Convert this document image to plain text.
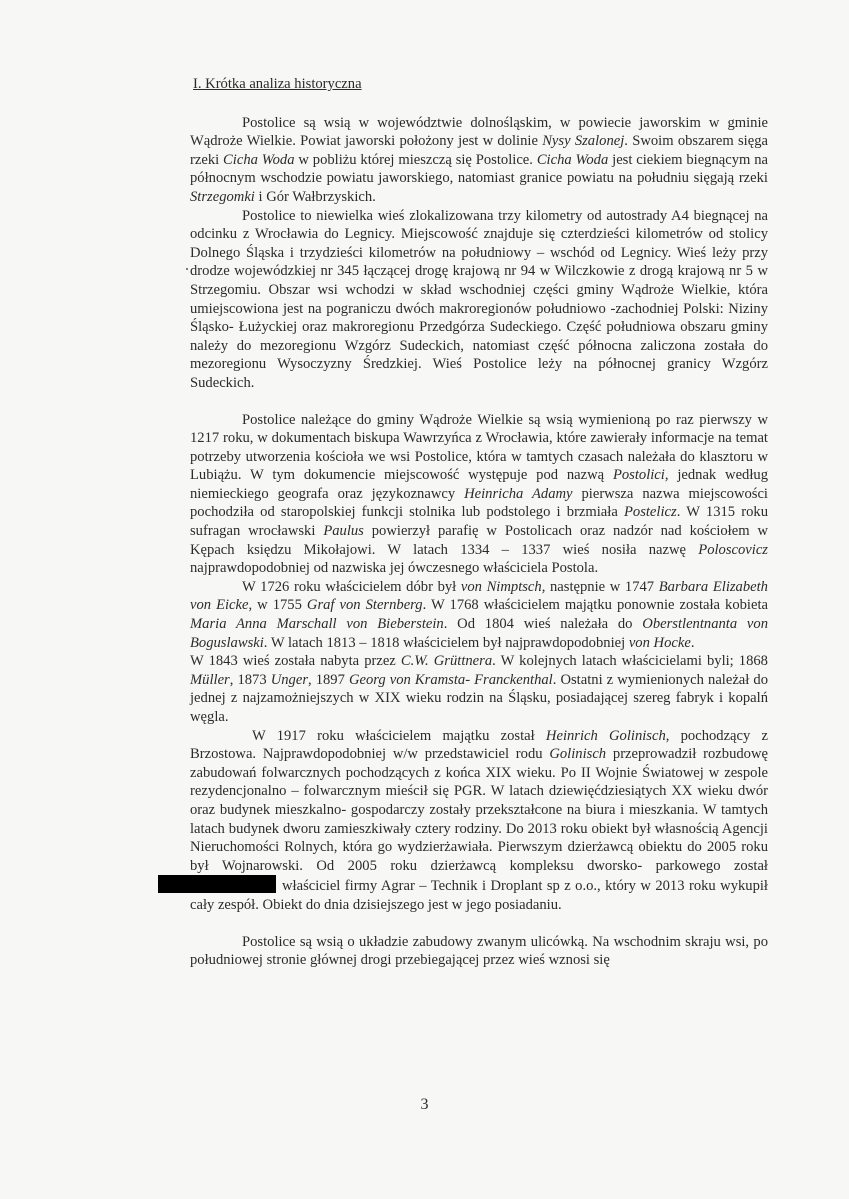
I. Krótka analiza historyczna

Postolice są wsią w województwie dolnośląskim, w powiecie jaworskim w gminie Wądroże Wielkie. Powiat jaworski położony jest w dolinie Nysy Szalonej. Swoim obszarem sięga rzeki Cicha Woda w pobliżu której mieszczą się Postolice. Cicha Woda jest ciekiem biegnącym na północnym wschodzie powiatu jaworskiego, natomiast granice powiatu na południu sięgają rzeki Strzegomki i Gór Wałbrzyskich.

Postolice to niewielka wieś zlokalizowana trzy kilometry od autostrady A4 biegnącej na odcinku z Wrocławia do Legnicy. Miejscowość znajduje się czterdzieści kilometrów od stolicy Dolnego Śląska i trzydzieści kilometrów na południowy – wschód od Legnicy. Wieś leży przy drodze wojewódzkiej nr 345 łączącej drogę krajową nr 94 w Wilczkowie z drogą krajową nr 5 w Strzegomiu. Obszar wsi wchodzi w skład wschodniej części gminy Wądroże Wielkie, która umiejscowiona jest na pograniczu dwóch makroregionów południowo -zachodniej Polski: Niziny Śląsko- Łużyckiej oraz makroregionu Przedgórza Sudeckiego. Część południowa obszaru gminy należy do mezoregionu Wzgórz Sudeckich, natomiast część północna zaliczona została do mezoregionu Wysoczyzny Średzkiej. Wieś Postolice leży na północnej granicy Wzgórz Sudeckich.

Postolice należące do gminy Wądroże Wielkie są wsią wymienioną po raz pierwszy w 1217 roku, w dokumentach biskupa Wawrzyńca z Wrocławia, które zawierały informacje na temat potrzeby utworzenia kościoła we wsi Postolice, która w tamtych czasach należała do klasztoru w Lubiążu. W tym dokumencie miejscowość występuje pod nazwą Postolici, jednak według niemieckiego geografa oraz językoznawcy Heinricha Adamy pierwsza nazwa miejscowości pochodziła od staropolskiej funkcji stolnika lub podstolego i brzmiała Postelicz. W 1315 roku sufragan wrocławski Paulus powierzył parafię w Postolicach oraz nadzór nad kościołem w Kępach księdzu Mikołajowi. W latach 1334 – 1337 wieś nosiła nazwę Poloscovicz najprawdopodobniej od nazwiska jej ówczesnego właściciela Postola.

W 1726 roku właścicielem dóbr był von Nimptsch, następnie w 1747 Barbara Elizabeth von Eicke, w 1755 Graf von Sternberg. W 1768 właścicielem majątku ponownie została kobieta Maria Anna Marschall von Bieberstein. Od 1804 wieś należała do Oberstlentnanta von Boguslawski. W latach 1813 – 1818 właścicielem był najprawdopodobniej von Hocke.

W 1843 wieś została nabyta przez C.W. Grüttnera. W kolejnych latach właścicielami byli; 1868 Müller, 1873 Unger, 1897 Georg von Kramsta- Franckenthal. Ostatni z wymienionych należał do jednej z najzamożniejszych w XIX wieku rodzin na Śląsku, posiadającej szereg fabryk i kopalń węgla.

W 1917 roku właścicielem majątku został Heinrich Golinisch, pochodzący z Brzostowa. Najprawdopodobniej w/w przedstawiciel rodu Golinisch przeprowadził rozbudowę zabudowań folwarcznych pochodzących z końca XIX wieku. Po II Wojnie Światowej w zespole rezydencjonalno – folwarcznym mieścił się PGR. W latach dziewięćdziesiątych XX wieku dwór oraz budynek mieszkalno- gospodarczy zostały przekształcone na biura i mieszkania. W tamtych latach budynek dworu zamieszkiwały cztery rodziny. Do 2013 roku obiekt był własnością Agencji Nieruchomości Rolnych, która go wydzierżawiała. Pierwszym dzierżawcą obiektu do 2005 roku był Wojnarowski. Od 2005 roku dzierżawcą kompleksu dworsko- parkowego został właściciel firmy Agrar – Technik i Droplant sp z o.o., który w 2013 roku wykupił cały zespół. Obiekt do dnia dzisiejszego jest w jego posiadaniu.

Postolice są wsią o układzie zabudowy zwanym ulicówką. Na wschodnim skraju wsi, po południowej stronie głównej drogi przebiegającej przez wieś wznosi się

3
